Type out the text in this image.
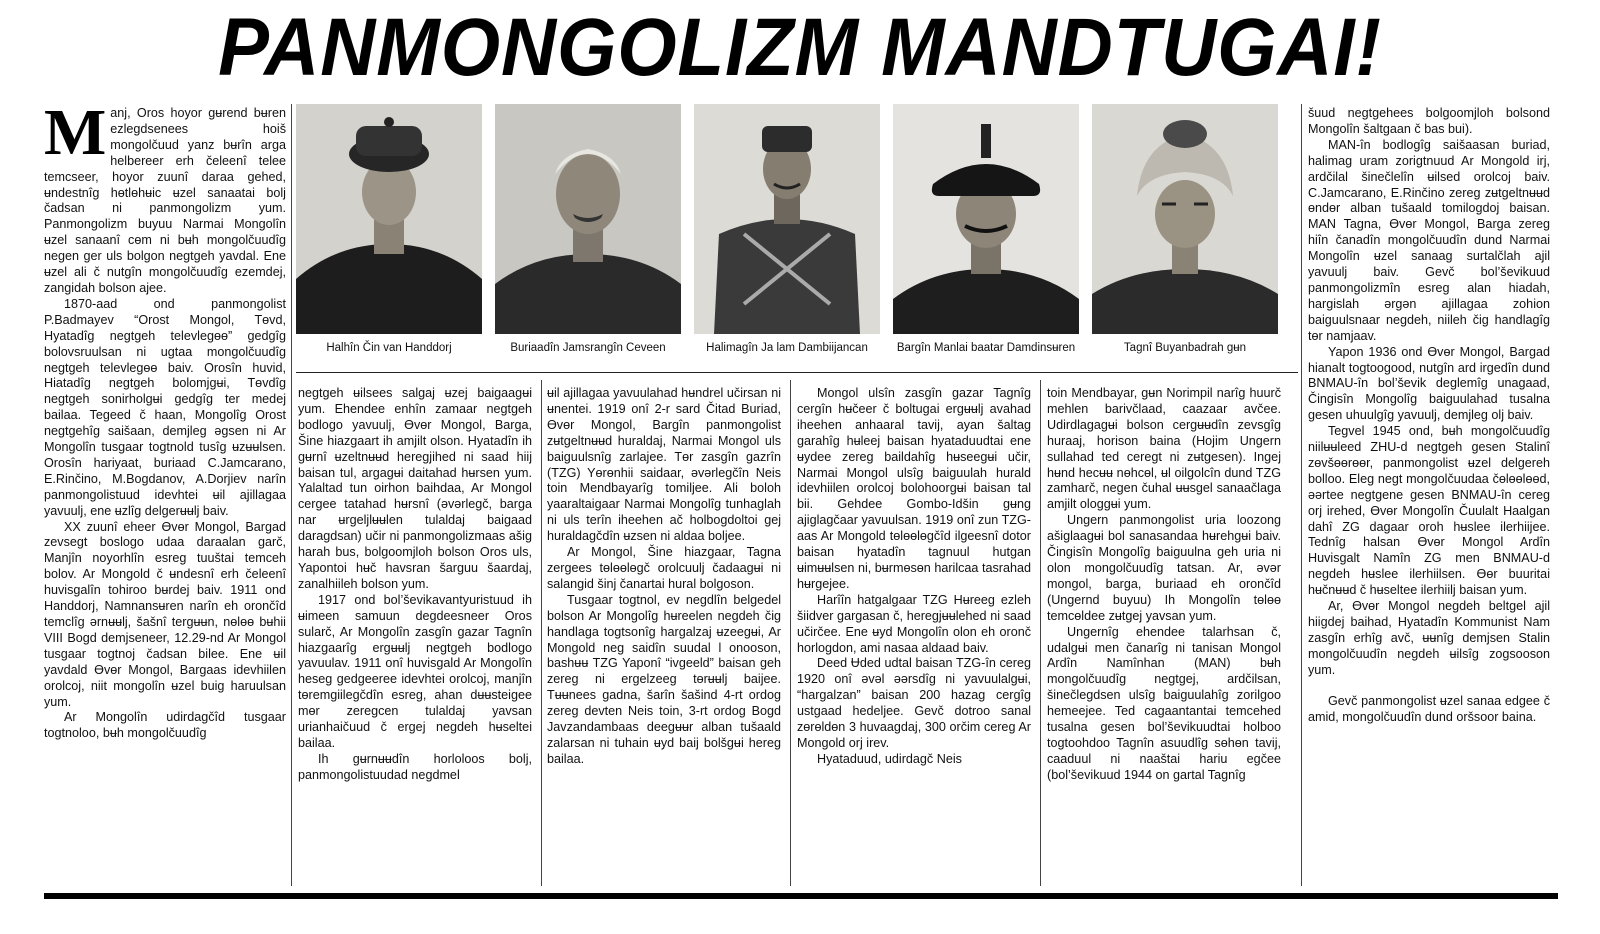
PANMONGOLIZM MANDTUGAI!

Manj, Oros hoyor gʉrend bʉren ezlegdsenees hoiš mongolčuud yanz bʉrîn arga helbereer erh čeleenî telee temcseer, hoyor zuunî daraa gehed, ʉndestnîg hөtlөhʉic ʉzel sanaatai bolj čadsan ni panmongolizm yum. Panmongolizm buyuu Narmai Mongolîn ʉzel sanaanî cөm ni bʉh mongolčuudîg negen ger uls bolgon negtgeh yavdal. Ene ʉzel ali č nutgîn mongolčuudîg ezemdej, zangidah bolson ajee.

1870-aad ond panmongolist P.Badmayev “Orost Mongol, Tөvd, Hyatadîg negtgeh televlegөө” gedgîg bolovsruulsan ni ugtaa mongolčuudîg negtgeh televlegөө baiv. Orosîn huvid, Hiatadîg negtgeh bolomjgʉi, Tөvdîg negtgeh sonirholgʉi gedgîg ter medej bailaa. Tegeed č haan, Mongolîg Orost negtgehîg saišaan, demjleg əgsen ni Ar Mongolîn tusgaar togtnold tusîg ʉzʉʉlsen. Orosîn hariyaat, buriaad C.Jamcarano, E.Rinčino, M.Bogdanov, A.Dorjiev narîn panmongolistuud idevhtei ʉil ajillagaa yavuulj, ene ʉzlîg delgerʉʉlj baiv.

XX zuunî eheer Өvөr Mongol, Bargad zevsegt boslogo udaa daraalan garč, Manjîn noyorhlîn esreg tuuštai temceh bolov. Ar Mongold č ʉndesnî erh čeleenî huvisgalîn tohiroo bʉrdej baiv. 1911 ond Handdorj, Namnansʉren narîn eh orončîd temclîg ərnʉʉlj, šašnî tergʉʉn, nөlөө bʉhii VIII Bogd demjseneer, 12.29-nd Ar Mongol tusgaar togtnoj čadsan bilee. Ene ʉil yavdald Өvөr Mongol, Bargaas idevhiilen orolcoj, niit mongolîn ʉzel buig haruulsan yum.

Ar Mongolîn udirdagčîd tusgaar togtnoloo, bʉh mongolčuudîg

Halhîn Čin van Handdorj	Buriaadîn Jamsrangîn Ceveen	Halimagîn Ja lam Dambiijancan	Bargîn Manlai baatar Damdinsʉren	Tagnî Buyanbadrah gʉn

negtgeh ʉilsees salgaj ʉzej baigaagʉi yum. Ehendee enhîn zamaar negtgeh bodlogo yavuulj, Өvөr Mongol, Barga, Šine hiazgaart ih amjilt olson. Hyatadîn ih gʉrnî ʉzeltnʉʉd heregjihed ni saad hiij baisan tul, argagʉi daitahad hʉrsen yum. Yalaltad tun oirhon baihdaa, Ar Mongol cergee tatahad hʉrsnî (əvərlegč, barga nar ʉrgeljlʉʉlen tulaldaj baigaad daragdsan) učir ni panmongolizmaas ašig harah bus, bolgoomjloh bolson Oros uls, Yapontoi hʉč havsran šarguu šaardaj, zanalhiileh bolson yum.

1917 ond bol’ševikavantyuristuud ih ʉimeen samuun degdeesneer Oros sularč, Ar Mongolîn zasgîn gazar Tagnîn hiazgaarîg ergʉʉlj negtgeh bodlogo yavuulav. 1911 onî huvisgald Ar Mongolîn heseg gedgeeree idevhtei orolcoj, manjîn tөremgiilegčdîn esreg, ahan dʉʉsteigee mөr zeregcen tulaldaj yavsan urianhaičuud č ergej negdeh hʉseltei bailaa.

Ih gʉrnʉʉdîn horloloos bolj, panmongolistuudad negdmel

ʉil ajillagaa yavuulahad hʉndrel učirsan ni ʉnentei. 1919 onî 2-r sard Čitad Buriad, Өvөr Mongol, Bargîn panmongolist zʉtgeltnʉʉd huraldaj, Narmai Mongol uls baiguulsnîg zarlajee. Tөr zasgîn gazrîn (TZG) Yөrөnhii saidaar, əvərlegčîn Neis toin Mendbayarîg tomiljee. Ali boloh yaaraltaigaar Narmai Mongolîg tunhaglah ni uls terîn iheehen ač holbogdoltoi gej huraldagčdîn ʉzsen ni aldaa boljee.

Ar Mongol, Šine hiazgaar, Tagna zergees tөlөөlөgč orolcuulj čadaagʉi ni salangid šinj čanartai hural bolgoson.

Tusgaar togtnol, ev negdlîn belgedel bolson Ar Mongolîg hʉreelen negdeh čig handlaga togtsonîg hargalzaj ʉzeegʉi, Ar Mongold neg saidîn suudal l onooson, bashʉʉ TZG Yaponî “ivgeeld” baisan geh zereg ni ergelzeeg tөrʉʉlj baijee. Tʉʉnees gadna, šarîn šašind 4-rt ordog zereg devten Neis toin, 3-rt ordog Bogd Javzandambaas deegʉʉr alban tušaald zalarsan ni tuhain ʉyd baij bolšgʉi hereg bailaa.

Mongol ulsîn zasgîn gazar Tagnîg cergîn hʉčeer č boltugai ergʉʉlj avahad iheehen anhaaral tavij, ayan šaltag garahîg hʉleej baisan hyataduudtai ene ʉydee zereg baildahîg hʉseegʉi učir, Narmai Mongol ulsîg baiguulah hurald idevhiilen orolcoj bolohoorgʉi baisan tal bii. Gehdee Gombo-Idšin gʉng ajiglagčaar yavuulsan. 1919 onî zun TZG-aas Ar Mongold tөlөөlөgčîd ilgeesnî dotor baisan hyatadîn tagnuul hutgan ʉimʉʉlsen ni, bʉrmөsөn harilcaa tasrahad hʉrgejee.

Harîîn hatgalgaar TZG Hʉreeg ezleh šiidver gargasan č, heregjʉʉlehed ni saad učirčee. Ene ʉyd Mongolîn olon eh oronč horlogdon, ami nasaa aldaad baiv.

Deed Ʉded udtal baisan TZG-în cereg 1920 onî əvəl əərsdîg ni yavuulalgʉi, “hargalzan” baisan 200 hazag cergîg ustgaad hedeljee. Gevč dotroo sanal zөrөldөn 3 huvaagdaj, 300 orčim cereg Ar Mongold orj irev.

Hyataduud, udirdagč Neis

toin Mendbayar, gʉn Norimpil narîg huurč mehlen barivčlaad, caazaar avčee. Udirdlagagʉi bolson cergʉʉdîn zevsgîg huraaj, horison baina (Hojim Ungern sullahad ted ceregt ni zʉtgesen). Ingej hʉnd hecʉʉ nөhcөl, ʉl oilgolcîn dund TZG zamharč, negen čuhal ʉʉsgel sanaačlaga amjilt ologgʉi yum.

Ungern panmongolist uria loozong ašiglaagʉi bol sanasandaa hʉrehgʉi baiv. Čingisîn Mongolîg baiguulna geh uria ni olon mongolčuudîg tatsan. Ar, əvər mongol, barga, buriaad eh orončîd (Ungernd buyuu) Ih Mongolîn tөlөө temcөldee zʉtgej yavsan yum.

Ungernîg ehendee talarhsan č, udalgʉi men čanarîg ni tanisan Mongol Ardîn Namînhan (MAN) bʉh mongolčuudîg negtgej, ardčilsan, šinečlegdsen ulsîg baiguulahîg zorilgoo hemeejee. Ted cagaantantai temcehed tusalna gesen bol’ševikuudtai holboo togtoohdoo Tagnîn asuudlîg sөhөn tavij, caaduul ni naaštai hariu egčee (bol’ševikuud 1944 on gartal Tagnîg

šuud negtgehees bolgoomjloh bolsond Mongolîn šaltgaan č bas bui).

MAN-în bodlogîg saišaasan buriad, halimag uram zorigtnuud Ar Mongold irj, ardčilal šinečlelîn ʉilsed orolcoj baiv. C.Jamcarano, E.Rinčino zereg zʉtgeltnʉʉd өndөr alban tušaald tomilogdoj baisan. MAN Tagna, Өvөr Mongol, Barga zereg hiîn čanadîn mongolčuudîn dund Narmai Mongolîn ʉzel sanaag surtalčlah ajil yavuulj baiv. Gevč bol’ševikuud panmongolizmîn esreg alan hiadah, hargislah ərgən ajillagaa zohion baiguulsnaar negdeh, niileh čig handlagîg tөr namjaav.

Yapon 1936 ond Өvөr Mongol, Bargad hianalt togtoogood, nutgîn ard irgedîn dund BNMAU-în bol’ševik deglemîg unagaad, Čingisîn Mongolîg baiguulahad tusalna gesen uhuulgîg yavuulj, demjleg olj baiv.

Tegvel 1945 ond, bʉh mongolčuudîg niilʉʉleed ZHU-d negtgeh gesen Stalinî zөvšөөrөөr, panmongolist ʉzel delgereh bolloo. Eleg negt mongolčuudaa čөlөөlөөd, əərtee negtgene gesen BNMAU-în cereg orj irehed, Өvөr Mongolîn Čuulalt Haalgan dahî ZG dagaar oroh hʉslee ilerhiijee. Tednîg halsan Өvөr Mongol Ardîn Huvisgalt Namîn ZG men BNMAU-d negdeh hʉslee ilerhiilsen. Өөr buuritai hʉčnʉʉd č hʉseltee ilerhiilj baisan yum.

Ar, Өvөr Mongol negdeh beltgel ajil hiigdej baihad, Hyatadîn Kommunist Nam zasgîn erhîg avč, ʉʉnîg demjsen Stalin mongolčuudîn negdeh ʉilsîg zogsooson yum.

Gevč panmongolist ʉzel sanaa edgee č amid, mongolčuudîn dund oršsoor baina.
